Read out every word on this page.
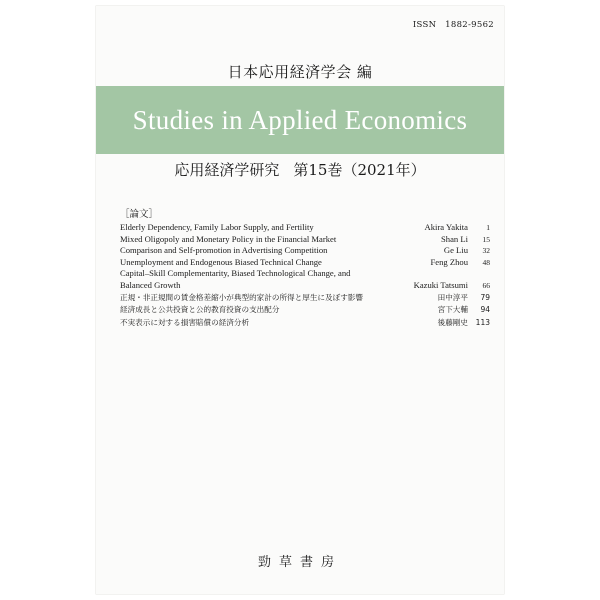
ISSN　1882-9562
日本応用経済学会 編
Studies in Applied Economics
応用経済学研究 第15巻（2021年）
［論文］
Elderly Dependency, Family Labor Supply, and Fertility	Akira Yakita	1
Mixed Oligopoly and Monetary Policy in the Financial Market	Shan Li	15
Comparison and Self-promotion in Advertising Competition	Ge Liu	32
Unemployment and Endogenous Biased Technical Change	Feng Zhou	48
Capital–Skill Complementarity, Biased Technological Change, and
Balanced Growth	Kazuki Tatsumi	66
正規・非正規間の賃金格差縮小が典型的家計の所得と厚生に及ぼす影響	田中淳平	79
経済成長と公共投資と公的教育投資の支出配分	宮下大輔	94
不実表示に対する損害賠償の経済分析	後藤剛史	113
勁草書房
